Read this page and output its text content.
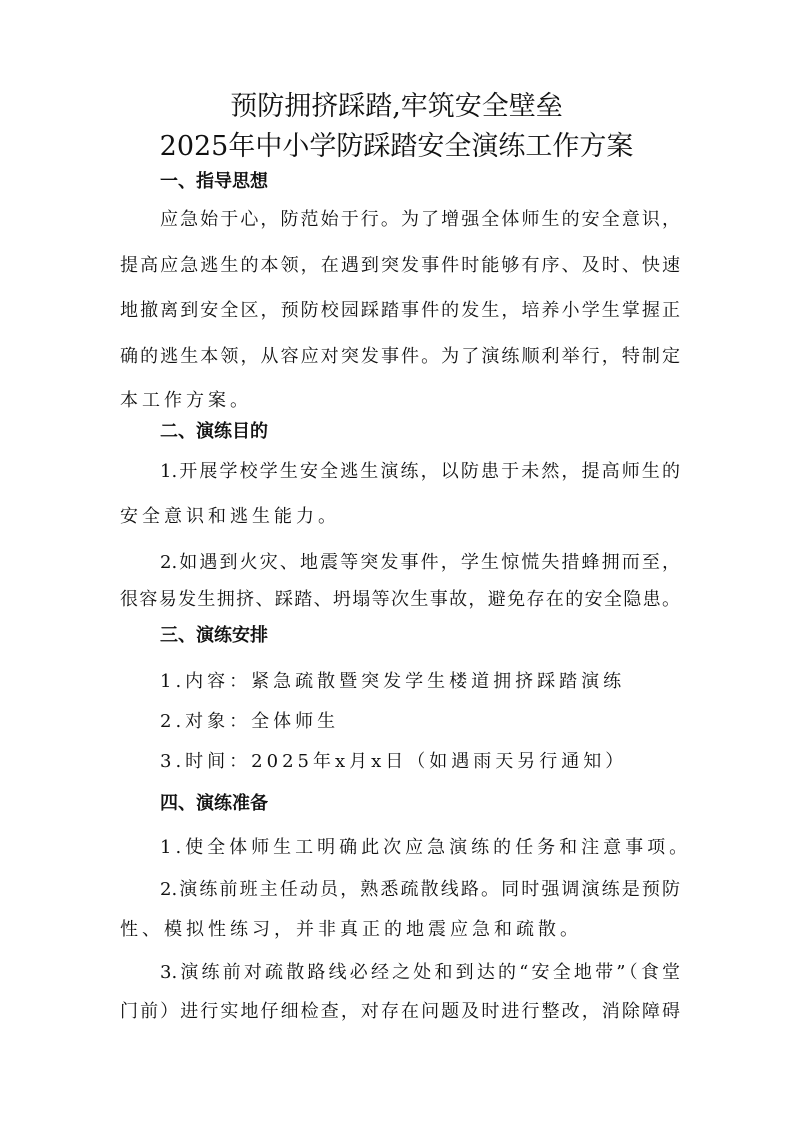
预防拥挤踩踏,牢筑安全壁垒
2025年中小学防踩踏安全演练工作方案
一、指导思想
应急始于心，防范始于行。为了增强全体师生的安全意识，
提高应急逃生的本领，在遇到突发事件时能够有序、及时、快速
地撤离到安全区，预防校园踩踏事件的发生，培养小学生掌握正
确的逃生本领，从容应对突发事件。为了演练顺利举行，特制定
本工作方案。
二、演练目的
1.开展学校学生安全逃生演练，以防患于未然，提高师生的
安全意识和逃生能力。
2.如遇到火灾、地震等突发事件，学生惊慌失措蜂拥而至，
很容易发生拥挤、踩踏、坍塌等次生事故，避免存在的安全隐患。
三、演练安排
1.内容：紧急疏散暨突发学生楼道拥挤踩踏演练
2.对象：全体师生
3.时间：2025年x月x日（如遇雨天另行通知）
四、演练准备
1.使全体师生工明确此次应急演练的任务和注意事项。
2.演练前班主任动员，熟悉疏散线路。同时强调演练是预防
性、模拟性练习，并非真正的地震应急和疏散。
3.演练前对疏散路线必经之处和到达的“安全地带”（食堂
门前）进行实地仔细检查，对存在问题及时进行整改，消除障碍
